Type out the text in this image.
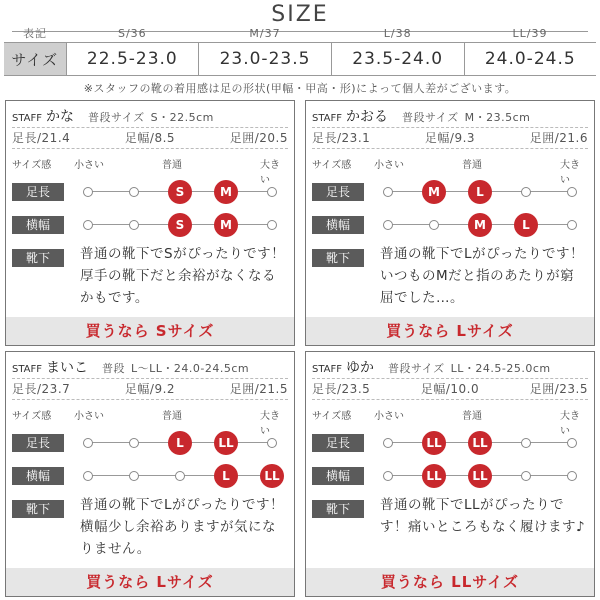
SIZE
表記	S/36	M/37	L/38	LL/39
サイズ	22.5-23.0	23.0-23.5	23.5-24.0	24.0-24.5
※スタッフの靴の着用感は足の形状(甲幅・甲高・形)によって個人差がございます。
STAFF かな 普段サイズ S・22.5cm
足長/21.4	足幅/8.5	足囲/20.5
サイズ感 小さい	普通	大きい
足長	S	M
横幅	S	M
靴下	普通の靴下でSがぴったりです！厚手の靴下だと余裕がなくなるかもです。
買うなら Sサイズ
STAFF かおる 普段サイズ M・23.5cm
足長/23.1	足幅/9.3	足囲/21.6
サイズ感 小さい	普通	大きい
足長	M	L
横幅	M	L
靴下	普通の靴下でLがぴったりです！いつものMだと指のあたりが窮屈でした…。
買うなら Lサイズ
STAFF まいこ 普段 L〜LL・24.0-24.5cm
足長/23.7	足幅/9.2	足囲/21.5
サイズ感 小さい	普通	大きい
足長	L	LL
横幅	L	LL
靴下	普通の靴下でLがぴったりです！横幅少し余裕ありますが気になりません。
買うなら Lサイズ
STAFF ゆか 普段サイズ LL・24.5-25.0cm
足長/23.5	足幅/10.0	足囲/23.5
サイズ感 小さい	普通	大きい
足長	LL	LL
横幅	LL	LL
靴下	普通の靴下でLLがぴったりです！痛いところもなく履けます♪
買うなら LLサイズ
